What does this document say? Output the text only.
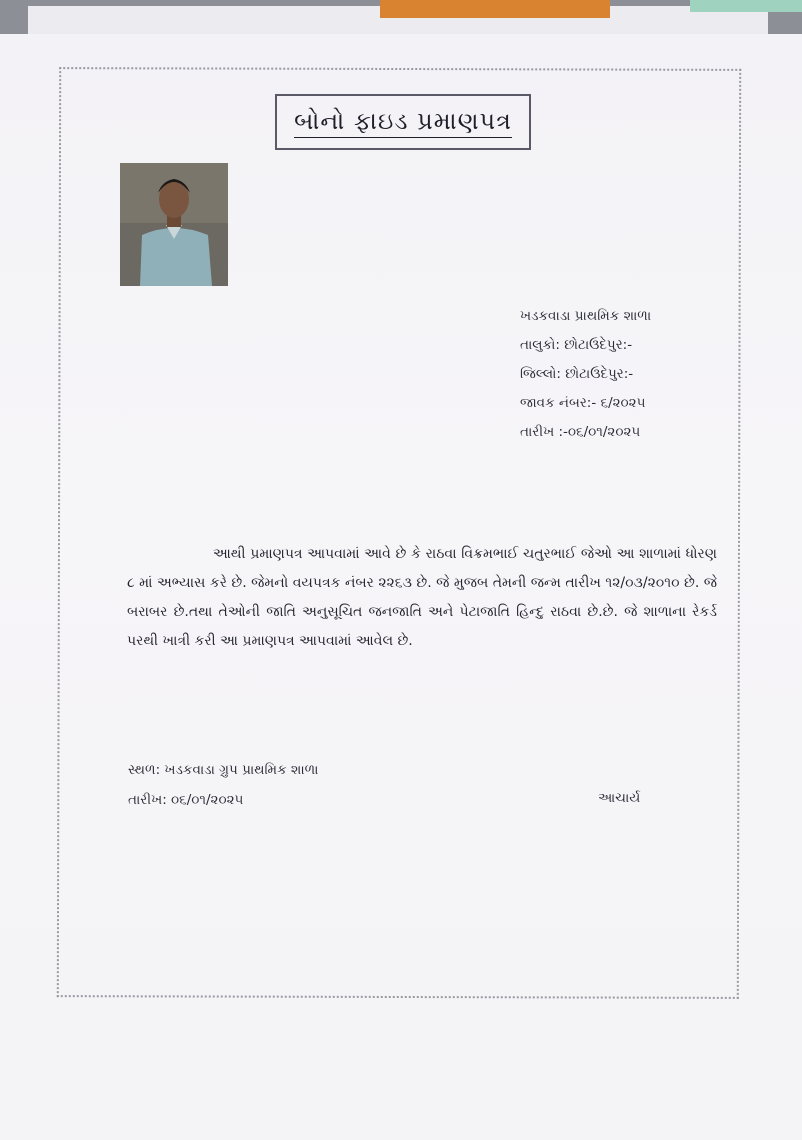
બોનો ફાઇડ પ્રમાણપત્ર
ખડકવાડા પ્રાથમિક શાળા
તાલુકો: છોટાઉદેપુર:-
જિલ્લો: છોટાઉદેપુર:-
જાવક નંબર:- ૬/૨૦૨૫
તારીખ :-૦૬/૦૧/૨૦૨૫
આથી પ્રમાણપત્ર આપવામાં આવે છે કે રાઠવા વિક્રમભાઈ ચતુરભાઈ જેઓ આ શાળામાં ધોરણ ૮ માં અભ્યાસ કરે છે. જેમનો વયપત્રક નંબર ૨૨૬૩ છે. જે મુજબ તેમની જન્મ તારીખ ૧૨/૦૩/૨૦૧૦ છે. જે બરાબર છે.તથા તેઓની જાતિ અનુસૂચિત જનજાતિ અને પેટાજાતિ હિન્દુ રાઠવા છે.છે. જે શાળાના રેકર્ડ પરથી ખાત્રી કરી આ પ્રમાણપત્ર આપવામાં આવેલ છે.
સ્થળ: ખડકવાડા ગ્રુપ પ્રાથમિક શાળા
તારીખ: ૦૬/૦૧/૨૦૨૫	આચાર્ય
